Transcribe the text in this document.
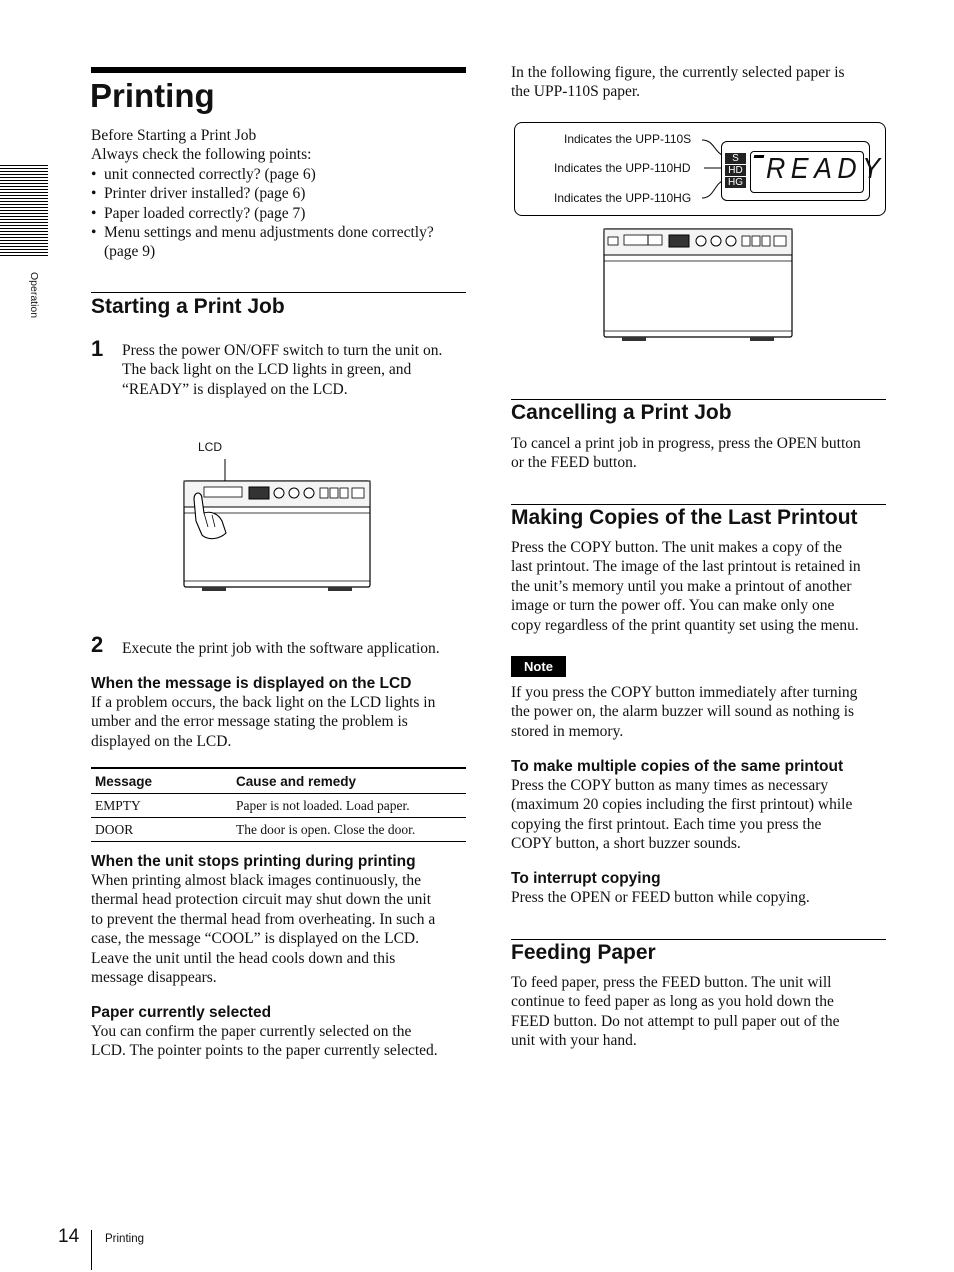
Operation
Printing
Before Starting a Print Job
Always check the following points:
• unit connected correctly? (page 6)
• Printer driver installed? (page 6)
• Paper loaded correctly? (page 7)
• Menu settings and menu adjustments done correctly?
(page 9)
Starting a Print Job
1 Press the power ON/OFF switch to turn the unit on.
The back light on the LCD lights in green, and
“READY” is displayed on the LCD.
LCD
2 Execute the print job with the software application.
When the message is displayed on the LCD
If a problem occurs, the back light on the LCD lights in
umber and the error message stating the problem is
displayed on the LCD.
Message	Cause and remedy
EMPTY	Paper is not loaded. Load paper.
DOOR	The door is open. Close the door.
When the unit stops printing during printing
When printing almost black images continuously, the
thermal head protection circuit may shut down the unit
to prevent the thermal head from overheating. In such a
case, the message “COOL” is displayed on the LCD.
Leave the unit until the head cools down and this
message disappears.
Paper currently selected
You can confirm the paper currently selected on the
LCD. The pointer points to the paper currently selected.
In the following figure, the currently selected paper is
the UPP-110S paper.
Indicates the UPP-110S
Indicates the UPP-110HD
Indicates the UPP-110HG
S
HD
HG READY
Cancelling a Print Job
To cancel a print job in progress, press the OPEN button
or the FEED button.
Making Copies of the Last Printout
Press the COPY button. The unit makes a copy of the
last printout. The image of the last printout is retained in
the unit’s memory until you make a printout of another
image or turn the power off. You can make only one
copy regardless of the print quantity set using the menu.
Note
If you press the COPY button immediately after turning
the power on, the alarm buzzer will sound as nothing is
stored in memory.
To make multiple copies of the same printout
Press the COPY button as many times as necessary
(maximum 20 copies including the first printout) while
copying the first printout. Each time you press the
COPY button, a short buzzer sounds.
To interrupt copying
Press the OPEN or FEED button while copying.
Feeding Paper
To feed paper, press the FEED button. The unit will
continue to feed paper as long as you hold down the
FEED button. Do not attempt to pull paper out of the
unit with your hand.
14 Printing
